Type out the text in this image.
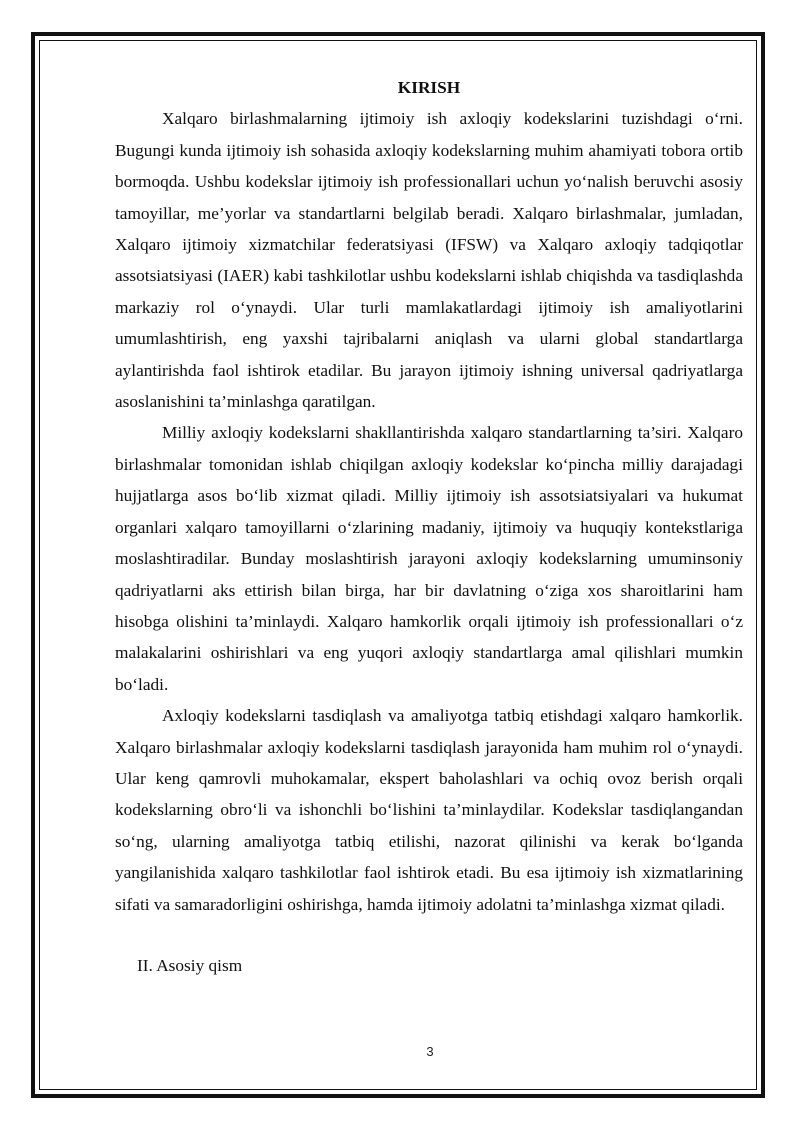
KIRISH

Xalqaro birlashmalarning ijtimoiy ish axloqiy kodekslarini tuzishdagi o‘rni. Bugungi kunda ijtimoiy ish sohasida axloqiy kodekslarning muhim ahamiyati tobora ortib bormoqda. Ushbu kodekslar ijtimoiy ish professionallari uchun yo‘nalish beruvchi asosiy tamoyillar, me’yorlar va standartlarni belgilab beradi. Xalqaro birlashmalar, jumladan, Xalqaro ijtimoiy xizmatchilar federatsiyasi (IFSW) va Xalqaro axloqiy tadqiqotlar assotsiatsiyasi (IAER) kabi tashkilotlar ushbu kodekslarni ishlab chiqishda va tasdiqlashda markaziy rol o‘ynaydi. Ular turli mamlakatlardagi ijtimoiy ish amaliyotlarini umumlashtirish, eng yaxshi tajribalarni aniqlash va ularni global standartlarga aylantirishda faol ishtirok etadilar. Bu jarayon ijtimoiy ishning universal qadriyatlarga asoslanishini ta’minlashga qaratilgan.

Milliy axloqiy kodekslarni shakllantirishda xalqaro standartlarning ta’siri. Xalqaro birlashmalar tomonidan ishlab chiqilgan axloqiy kodekslar ko‘pincha milliy darajadagi hujjatlarga asos bo‘lib xizmat qiladi. Milliy ijtimoiy ish assotsiatsiyalari va hukumat organlari xalqaro tamoyillarni o‘zlarining madaniy, ijtimoiy va huquqiy kontekstlariga moslashtiradilar. Bunday moslashtirish jarayoni axloqiy kodekslarning umuminsoniy qadriyatlarni aks ettirish bilan birga, har bir davlatning o‘ziga xos sharoitlarini ham hisobga olishini ta’minlaydi. Xalqaro hamkorlik orqali ijtimoiy ish professionallari o‘z malakalarini oshirishlari va eng yuqori axloqiy standartlarga amal qilishlari mumkin bo‘ladi.

Axloqiy kodekslarni tasdiqlash va amaliyotga tatbiq etishdagi xalqaro hamkorlik. Xalqaro birlashmalar axloqiy kodekslarni tasdiqlash jarayonida ham muhim rol o‘ynaydi. Ular keng qamrovli muhokamalar, ekspert baholashlari va ochiq ovoz berish orqali kodekslarning obro‘li va ishonchli bo‘lishini ta’minlaydilar. Kodekslar tasdiqlangandan so‘ng, ularning amaliyotga tatbiq etilishi, nazorat qilinishi va kerak bo‘lganda yangilanishida xalqaro tashkilotlar faol ishtirok etadi. Bu esa ijtimoiy ish xizmatlarining sifati va samaradorligini oshirishga, hamda ijtimoiy adolatni ta’minlashga xizmat qiladi.

II. Asosiy qism

3
